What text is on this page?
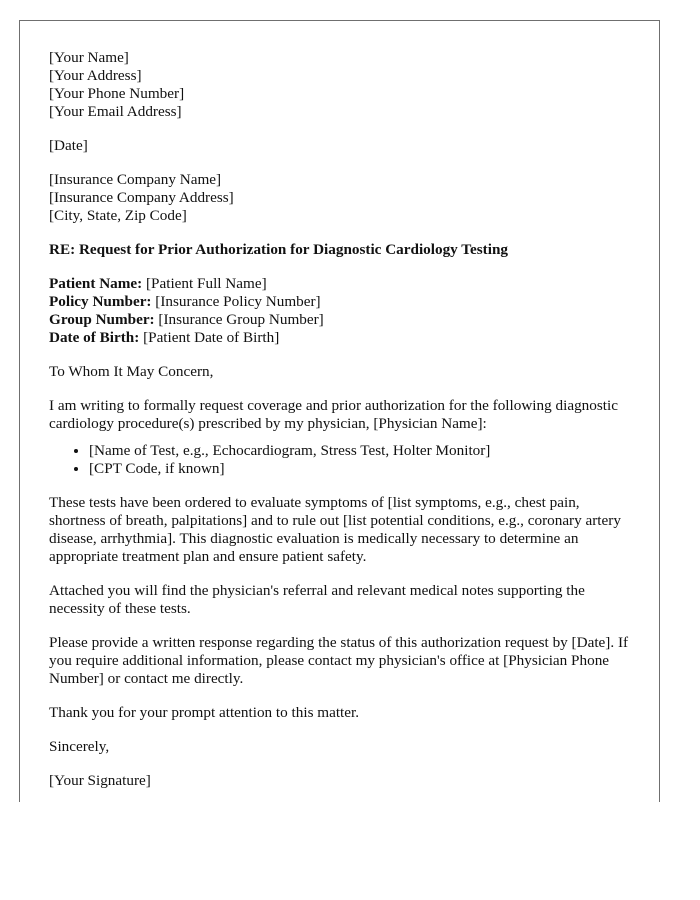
[Your Name]
[Your Address]
[Your Phone Number]
[Your Email Address]
[Date]
[Insurance Company Name]
[Insurance Company Address]
[City, State, Zip Code]
RE: Request for Prior Authorization for Diagnostic Cardiology Testing
Patient Name: [Patient Full Name]
Policy Number: [Insurance Policy Number]
Group Number: [Insurance Group Number]
Date of Birth: [Patient Date of Birth]

To Whom It May Concern,

I am writing to formally request coverage and prior authorization for the following diagnostic cardiology procedure(s) prescribed by my physician, [Physician Name]:

• [Name of Test, e.g., Echocardiogram, Stress Test, Holter Monitor]
• [CPT Code, if known]

These tests have been ordered to evaluate symptoms of [list symptoms, e.g., chest pain, shortness of breath, palpitations] and to rule out [list potential conditions, e.g., coronary artery disease, arrhythmia]. This diagnostic evaluation is medically necessary to determine an appropriate treatment plan and ensure patient safety.

Attached you will find the physician's referral and relevant medical notes supporting the necessity of these tests.

Please provide a written response regarding the status of this authorization request by [Date]. If you require additional information, please contact my physician's office at [Physician Phone Number] or contact me directly.

Thank you for your prompt attention to this matter.

Sincerely,

[Your Signature]
